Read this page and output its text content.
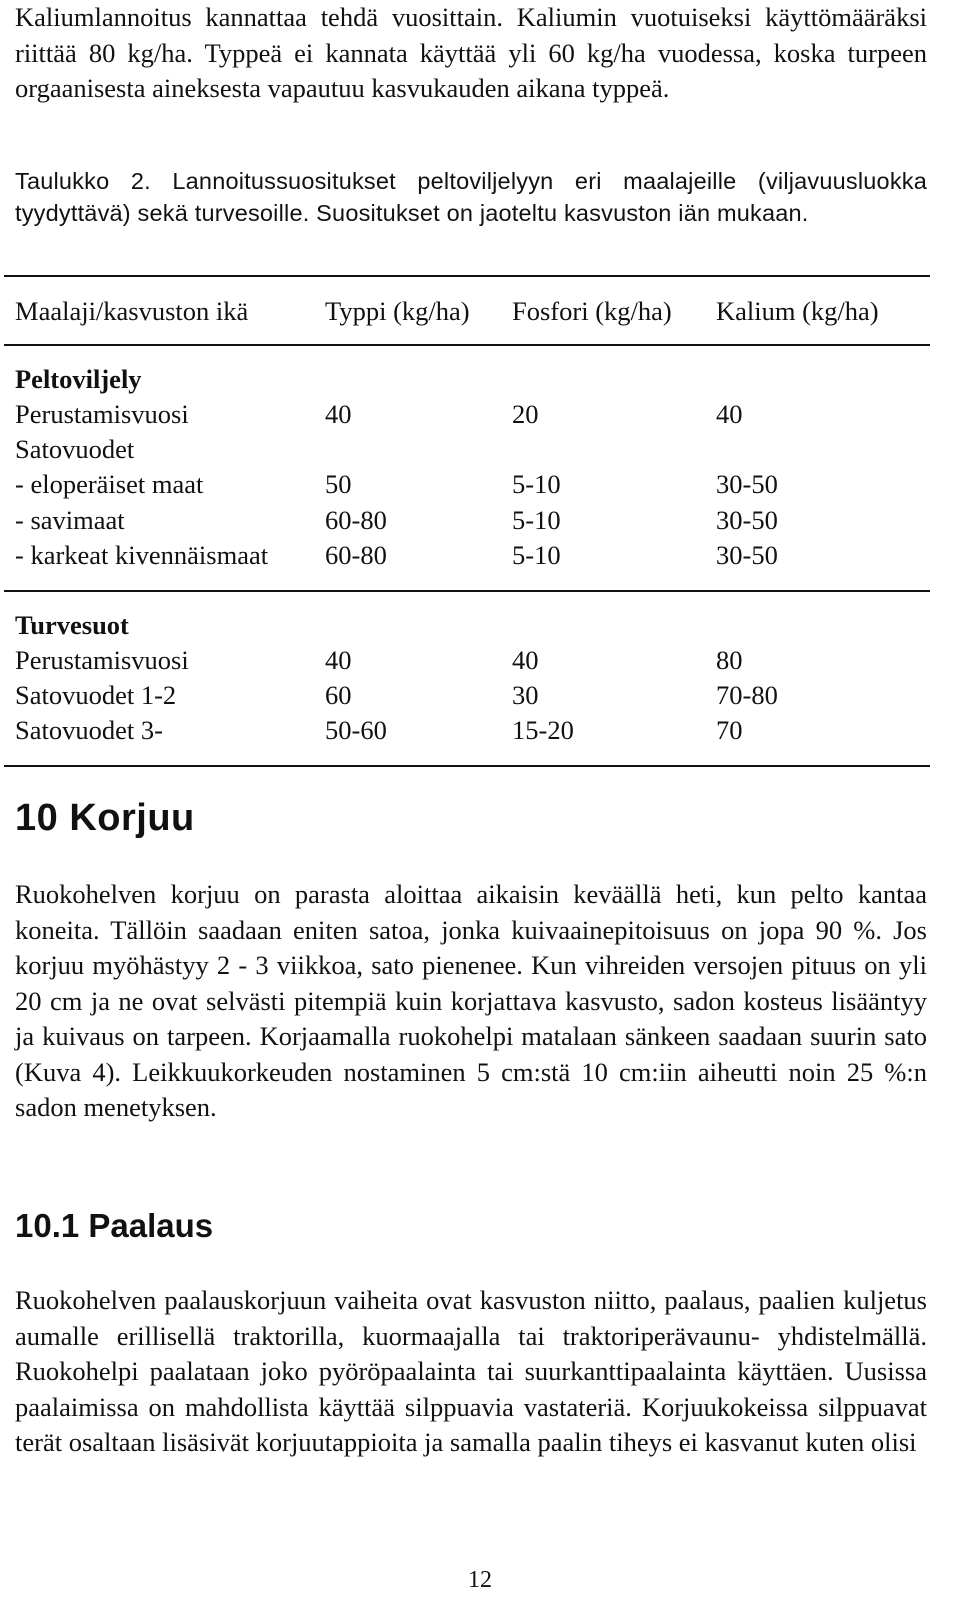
Kaliumlannoitus kannattaa tehdä vuosittain. Kaliumin vuotuiseksi käyttömääräksi riittää 80 kg/ha. Typpeä ei kannata käyttää yli 60 kg/ha vuodessa, koska turpeen orgaanisesta aineksesta vapautuu kasvukauden aikana typpeä.
Taulukko 2. Lannoitussuositukset peltoviljelyyn eri maalajeille (viljavuusluokka tyydyttävä) sekä turvesoille. Suositukset on jaoteltu kasvuston iän mukaan.
Maalaji/kasvuston ikä	Typpi (kg/ha) Fosfori (kg/ha) Kalium (kg/ha)
Peltoviljely
Perustamisvuosi	40	20	40
Satovuodet
- eloperäiset maat	50	5-10	30-50
- savimaat	60-80	5-10	30-50
- karkeat kivennäismaat 60-80	5-10	30-50
Turvesuot
Perustamisvuosi	40	40	80
Satovuodet 1-2	60	30	70-80
Satovuodet 3-	50-60	15-20	70
10 Korjuu
Ruokohelven korjuu on parasta aloittaa aikaisin keväällä heti, kun pelto kantaa koneita. Tällöin saadaan eniten satoa, jonka kuivaainepitoisuus on jopa 90 %. Jos korjuu myöhästyy 2 - 3 viikkoa, sato pienenee. Kun vihreiden versojen pituus on yli 20 cm ja ne ovat selvästi pitempiä kuin korjattava kasvusto, sadon kosteus lisääntyy ja kuivaus on tarpeen. Korjaamalla ruokohelpi matalaan sänkeen saadaan suurin sato (Kuva 4). Leikkuukorkeuden nostaminen 5 cm:stä 10 cm:iin aiheutti noin 25 %:n sadon menetyksen.
10.1 Paalaus
Ruokohelven paalauskorjuun vaiheita ovat kasvuston niitto, paalaus, paalien kuljetus aumalle erillisellä traktorilla, kuormaajalla tai traktoriperävaunu- yhdistelmällä. Ruokohelpi paalataan joko pyöröpaalainta tai suurkanttipaalainta käyttäen. Uusissa paalaimissa on mahdollista käyttää silppuavia vastateriä. Korjuukokeissa silppuavat terät osaltaan lisäsivät korjuutappioita ja samalla paalin tiheys ei kasvanut kuten olisi
12
